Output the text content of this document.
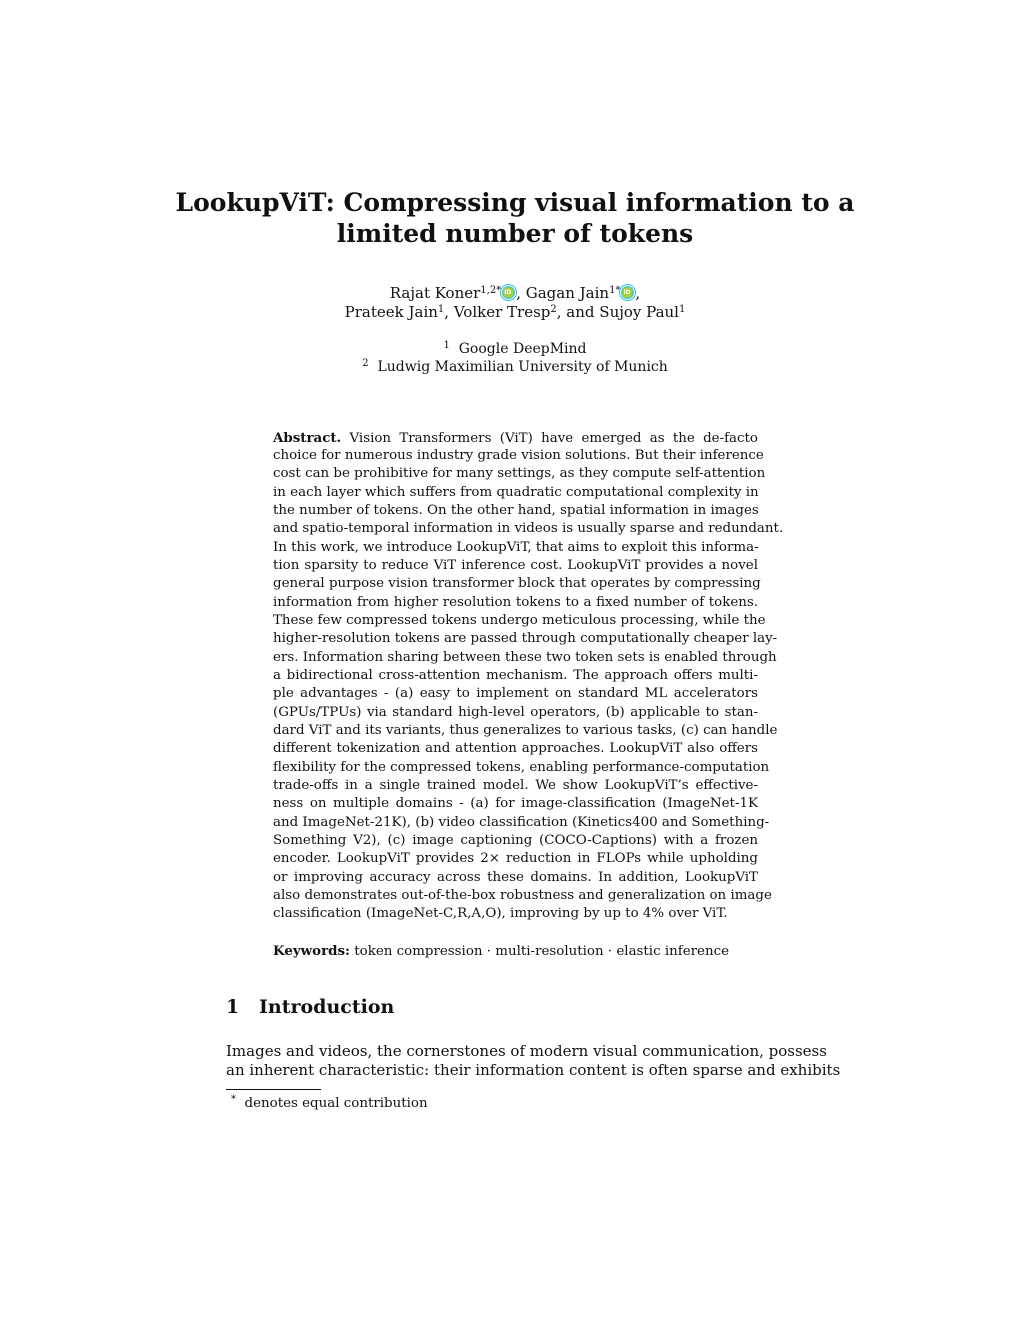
LookupViT: Compressing visual information to a
limited number of tokens
Rajat Koner$^{1,2*}$ iD , Gagan Jain$^{1*}$ iD ,
Prateek Jain$^1$, Volker Tresp$^2$, and Sujoy Paul$^1$
$^1$ Google DeepMind
$^2$ Ludwig Maximilian University of Munich
Abstract. Vision Transformers (ViT) have emerged as the de-facto
choice for numerous industry grade vision solutions. But their inference
cost can be prohibitive for many settings, as they compute self-attention
in each layer which suffers from quadratic computational complexity in
the number of tokens. On the other hand, spatial information in images
and spatio-temporal information in videos is usually sparse and redundant.
In this work, we introduce LookupViT, that aims to exploit this informa-
tion sparsity to reduce ViT inference cost. LookupViT provides a novel
general purpose vision transformer block that operates by compressing
information from higher resolution tokens to a fixed number of tokens.
These few compressed tokens undergo meticulous processing, while the
higher-resolution tokens are passed through computationally cheaper lay-
ers. Information sharing between these two token sets is enabled through
a bidirectional cross-attention mechanism. The approach offers multi-
ple advantages - (a) easy to implement on standard ML accelerators
(GPUs/TPUs) via standard high-level operators, (b) applicable to stan-
dard ViT and its variants, thus generalizes to various tasks, (c) can handle
different tokenization and attention approaches. LookupViT also offers
flexibility for the compressed tokens, enabling performance-computation
trade-offs in a single trained model. We show LookupViT’s effective-
ness on multiple domains - (a) for image-classification (ImageNet-1K
and ImageNet-21K), (b) video classification (Kinetics400 and Something-
Something V2), (c) image captioning (COCO-Captions) with a frozen
encoder. LookupViT provides 2× reduction in FLOPs while upholding
or improving accuracy across these domains. In addition, LookupViT
also demonstrates out-of-the-box robustness and generalization on image
classification (ImageNet-C,R,A,O), improving by up to 4% over ViT.
Keywords: token compression · multi-resolution · elastic inference
1 Introduction
Images and videos, the cornerstones of modern visual communication, possess
an inherent characteristic: their information content is often sparse and exhibits
* denotes equal contribution
